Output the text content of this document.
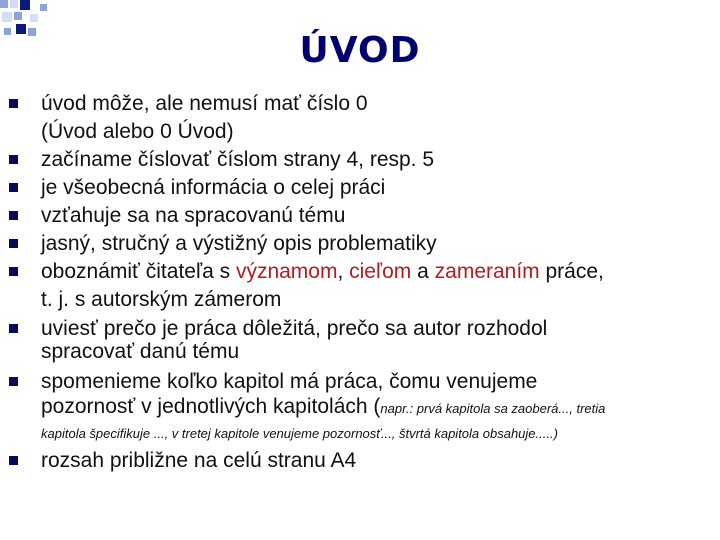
ÚVOD
úvod môže, ale nemusí mať číslo 0
(Úvod alebo 0 Úvod)
začíname číslovať číslom strany 4, resp. 5
je všeobecná informácia o celej práci
vzťahuje sa na spracovanú tému
jasný, stručný a výstižný opis problematiky
oboznámiť čitateľa s významom, cieľom a zameraním práce,
t. j. s autorským zámerom
uviesť prečo je práca dôležitá, prečo sa autor rozhodol
spracovať danú tému
spomenieme koľko kapitol má práca, čomu venujeme
pozornosť v jednotlivých kapitolách (napr.: prvá kapitola sa zaoberá..., tretia
kapitola špecifikuje ..., v tretej kapitole venujeme pozornosť..., štvrtá kapitola obsahuje.....)
rozsah približne na celú stranu A4
